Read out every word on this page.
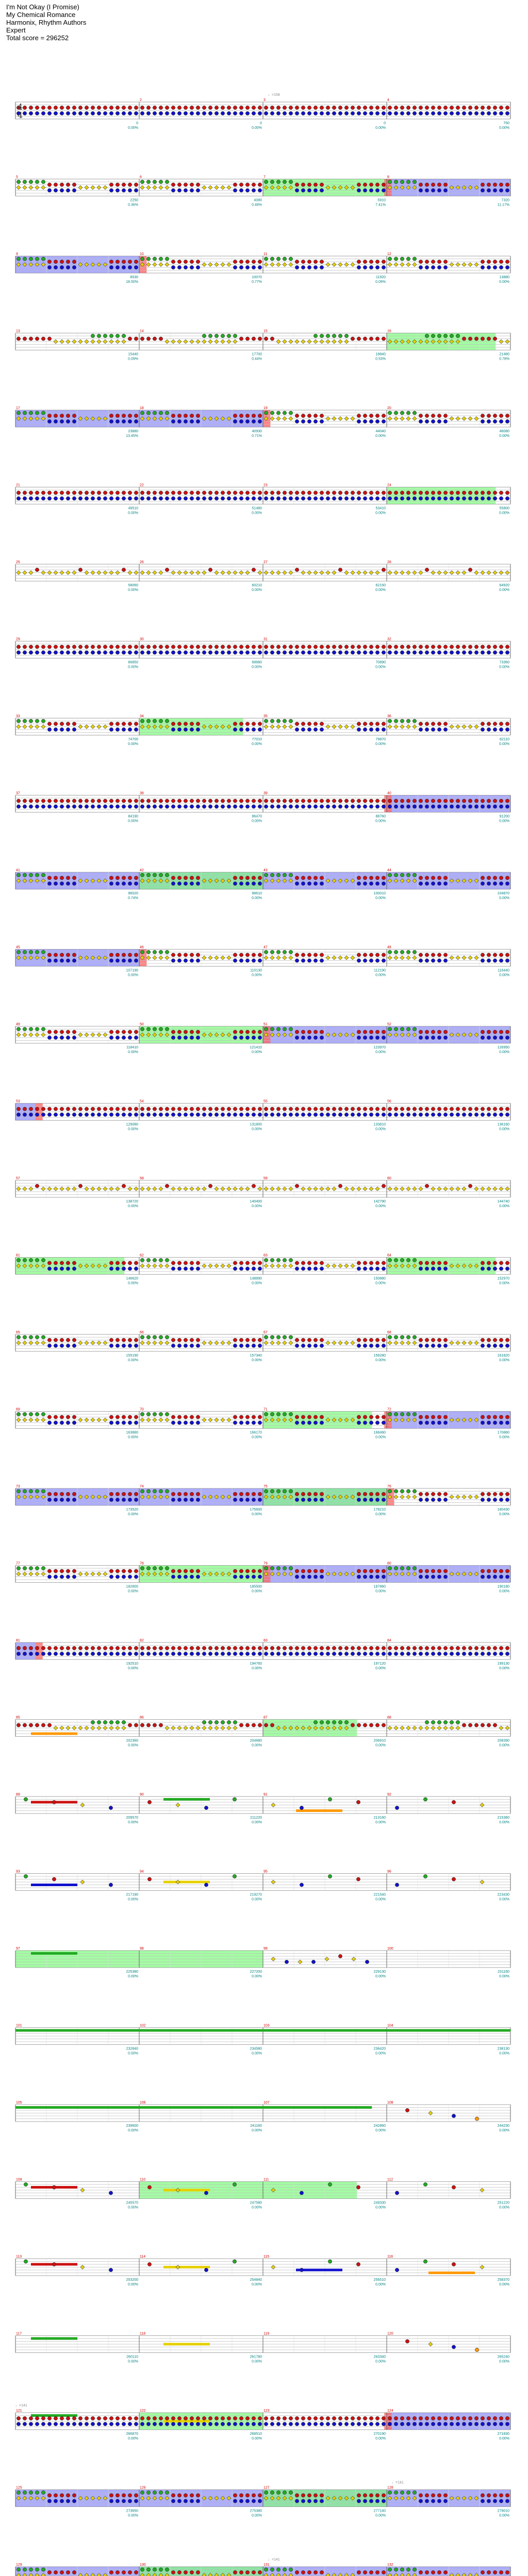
I'm Not Okay (I Promise)
My Chemical Romance
Harmonix, Rhythm Authors
Expert
Total score = 296252
0
0.00%
2
0
0.00%
3
0
0.00%
4
750
0.00%
5
2250
0.36%
6
4080
0.48%
7
5910
7.41%
8
7320
11.17%
9
8530
18.50%
10
10070
0.77%
11
11920
0.09%
12
13880
0.00%
13
15440
0.09%
14
17700
0.44%
15
18840
0.53%
16
21480
0.78%
17
23880
13.45%
18
40930
0.71%
19
44040
0.00%
20
46080
0.00%
21
49510
0.00%
22
51480
0.00%
23
53410
0.00%
24
55800
0.00%
25
58060
0.00%
26
60210
0.00%
27
62150
0.00%
28
64920
0.00%
29
66850
0.00%
30
68680
0.00%
31
70890
0.00%
32
73360
0.00%
33
74700
0.00%
34
77010
0.00%
35
79870
0.00%
36
82110
0.00%
37
84190
0.00%
38
86470
0.00%
39
88760
0.00%
40
91200
0.00%
41
96020
0.74%
42
98610
0.00%
43
100010
0.00%
44
104870
0.00%
45
107190
0.00%
46
110130
0.00%
47
112190
0.00%
48
116440
0.00%
49
118410
0.00%
50
121410
0.00%
51
123970
0.00%
52
126950
0.00%
53
129080
0.00%
54
131800
0.00%
55
133810
0.00%
56
136160
0.00%
57
138720
0.00%
58
140400
0.00%
59
142790
0.00%
60
144740
0.00%
61
146620
0.00%
62
148890
0.00%
63
150880
0.00%
64
152970
0.00%
65
155190
0.00%
66
157340
0.00%
67
159280
0.00%
68
161820
0.00%
69
163880
0.00%
70
166170
0.00%
71
168460
0.00%
72
170880
0.00%
73
173520
0.00%
74
175600
0.00%
75
178210
0.00%
76
180430
0.00%
77
182800
0.00%
78
185500
0.00%
79
187860
0.00%
80
190180
0.00%
81
192510
0.00%
82
194760
0.00%
83
197120
0.00%
84
199130
0.00%
85
202360
0.00%
86
204680
0.00%
87
206910
0.00%
88
208390
0.00%
89
209570
0.00%
90
211220
0.00%
91
213160
0.00%
92
215360
0.00%
93
217190
0.00%
94
219270
0.00%
95
221540
0.00%
96
223430
0.00%
97
225380
0.00%
98
227200
0.00%
99
229130
0.00%
100
231160
0.00%
101
232840
0.00%
102
234580
0.00%
103
236420
0.00%
104
238130
0.00%
105
239600
0.00%
106
241160
0.00%
107
242860
0.00%
108
244230
0.00%
109
245570
0.00%
110
247580
0.00%
111
249330
0.00%
112
251220
0.00%
113
253200
0.00%
114
254840
0.00%
115
256510
0.00%
116
258370
0.00%
117
260110
0.00%
118
261780
0.00%
119
263340
0.00%
120
265240
0.00%
121
266870
0.00%
122
268510
0.00%
123
270190
0.00%
124
271830
0.00%
125
273650
0.00%
126
275380
0.00%
127
277140
0.00%
128
279010
0.00%
129	130	131	132
4
4
♩=158
♩=141
♩=141
♩=141
